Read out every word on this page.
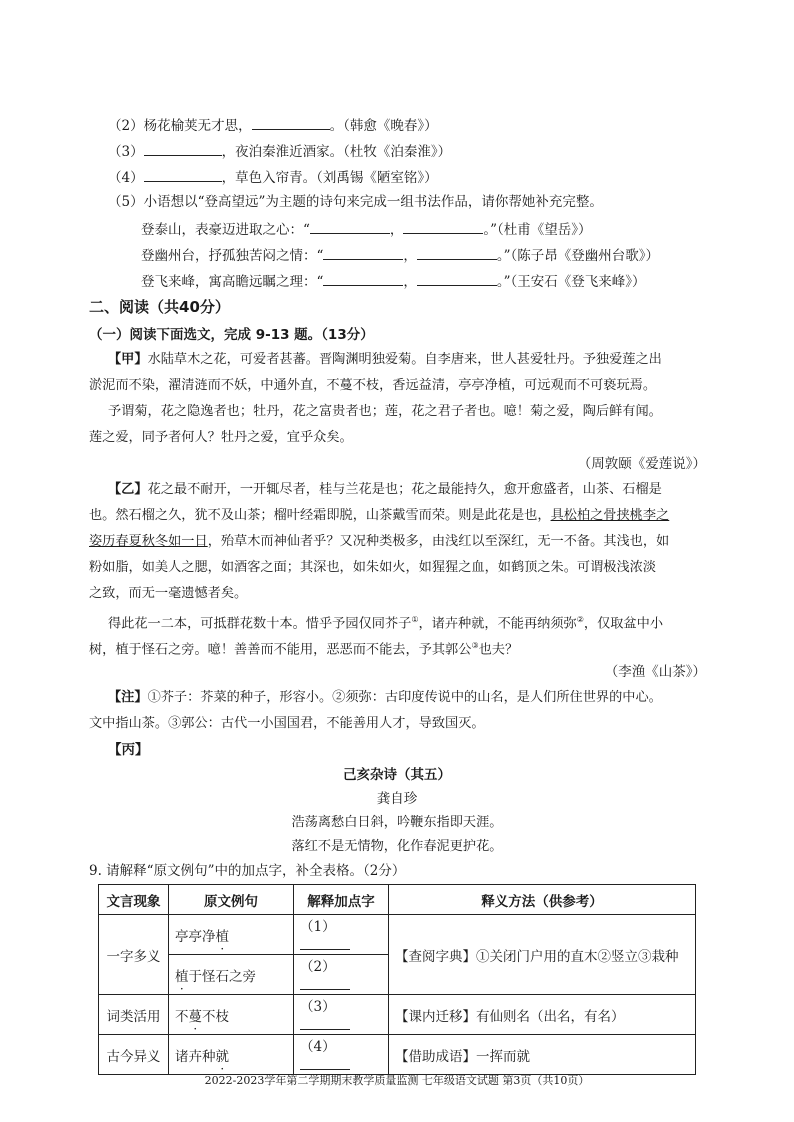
（2）杨花榆荚无才思，	。（韩愈《晚春》）
（3）	，夜泊秦淮近酒家。（杜牧《泊秦淮》）
（4）	，草色入帘青。（刘禹锡《陋室铭》）
（5）小语想以“登高望远”为主题的诗句来完成一组书法作品，请你帮她补充完整。
登泰山，表豪迈进取之心：“	，	。”（杜甫《望岳》）
登幽州台，抒孤独苦闷之情：“	，	。”（陈子昂《登幽州台歌》）
登飞来峰，寓高瞻远瞩之理：“	，	。”（王安石《登飞来峰》）
二、阅读（共40分）
（一）阅读下面选文，完成 9-13 题。（13分）
【甲】水陆草木之花，可爱者甚蕃。晋陶渊明独爱菊。自李唐来，世人甚爱牡丹。予独爱莲之出
淤泥而不染，濯清涟而不妖，中通外直，不蔓不枝，香远益清，亭亭净植，可远观而不可亵玩焉。
予谓菊，花之隐逸者也；牡丹，花之富贵者也；莲，花之君子者也。噫！菊之爱，陶后鲜有闻。
莲之爱，同予者何人？牡丹之爱，宜乎众矣。
（周敦颐《爱莲说》）
【乙】花之最不耐开，一开辄尽者，桂与兰花是也；花之最能持久，愈开愈盛者，山茶、石榴是
也。然石榴之久，犹不及山茶；榴叶经霜即脱，山茶戴雪而荣。则是此花是也，具松柏之骨挟桃李之
姿历春夏秋冬如一日，殆草木而神仙者乎？又况种类极多，由浅红以至深红，无一不备。其浅也，如
粉如脂，如美人之腮，如酒客之面；其深也，如朱如火，如猩猩之血，如鹤顶之朱。可谓极浅浓淡
之致，而无一毫遗憾者矣。
得此花一二本，可抵群花数十本。惜乎予园仅同芥子①，诸卉种就，不能再纳须弥②，仅取盆中小
树，植于怪石之旁。噫！善善而不能用，恶恶而不能去，予其郭公③也夫？
（李渔《山茶》）
【注】①芥子：芥菜的种子，形容小。②须弥：古印度传说中的山名，是人们所住世界的中心。
文中指山茶。③郭公：古代一小国国君，不能善用人才，导致国灭。
【丙】
己亥杂诗（其五）
龚自珍
浩荡离愁白日斜，吟鞭东指即天涯。
落红不是无情物，化作春泥更护花。
9. 请解释“原文例句”中的加点字，补全表格。（2分）
文言现象	原文例句	解释加点字	释义方法（供参考）
一字多义	亭亭净植	（1）	【查阅字典】①关闭门户用的直木②竖立③栽种
	植于怪石之旁	（2）	
词类活用	不蔓不枝	（3）	【课内迁移】有仙则名（出名，有名）
古今异义	诸卉种就	（4）	【借助成语】一挥而就
2022-2023学年第二学期期末教学质量监测 七年级语文试题 第3页（共10页）
